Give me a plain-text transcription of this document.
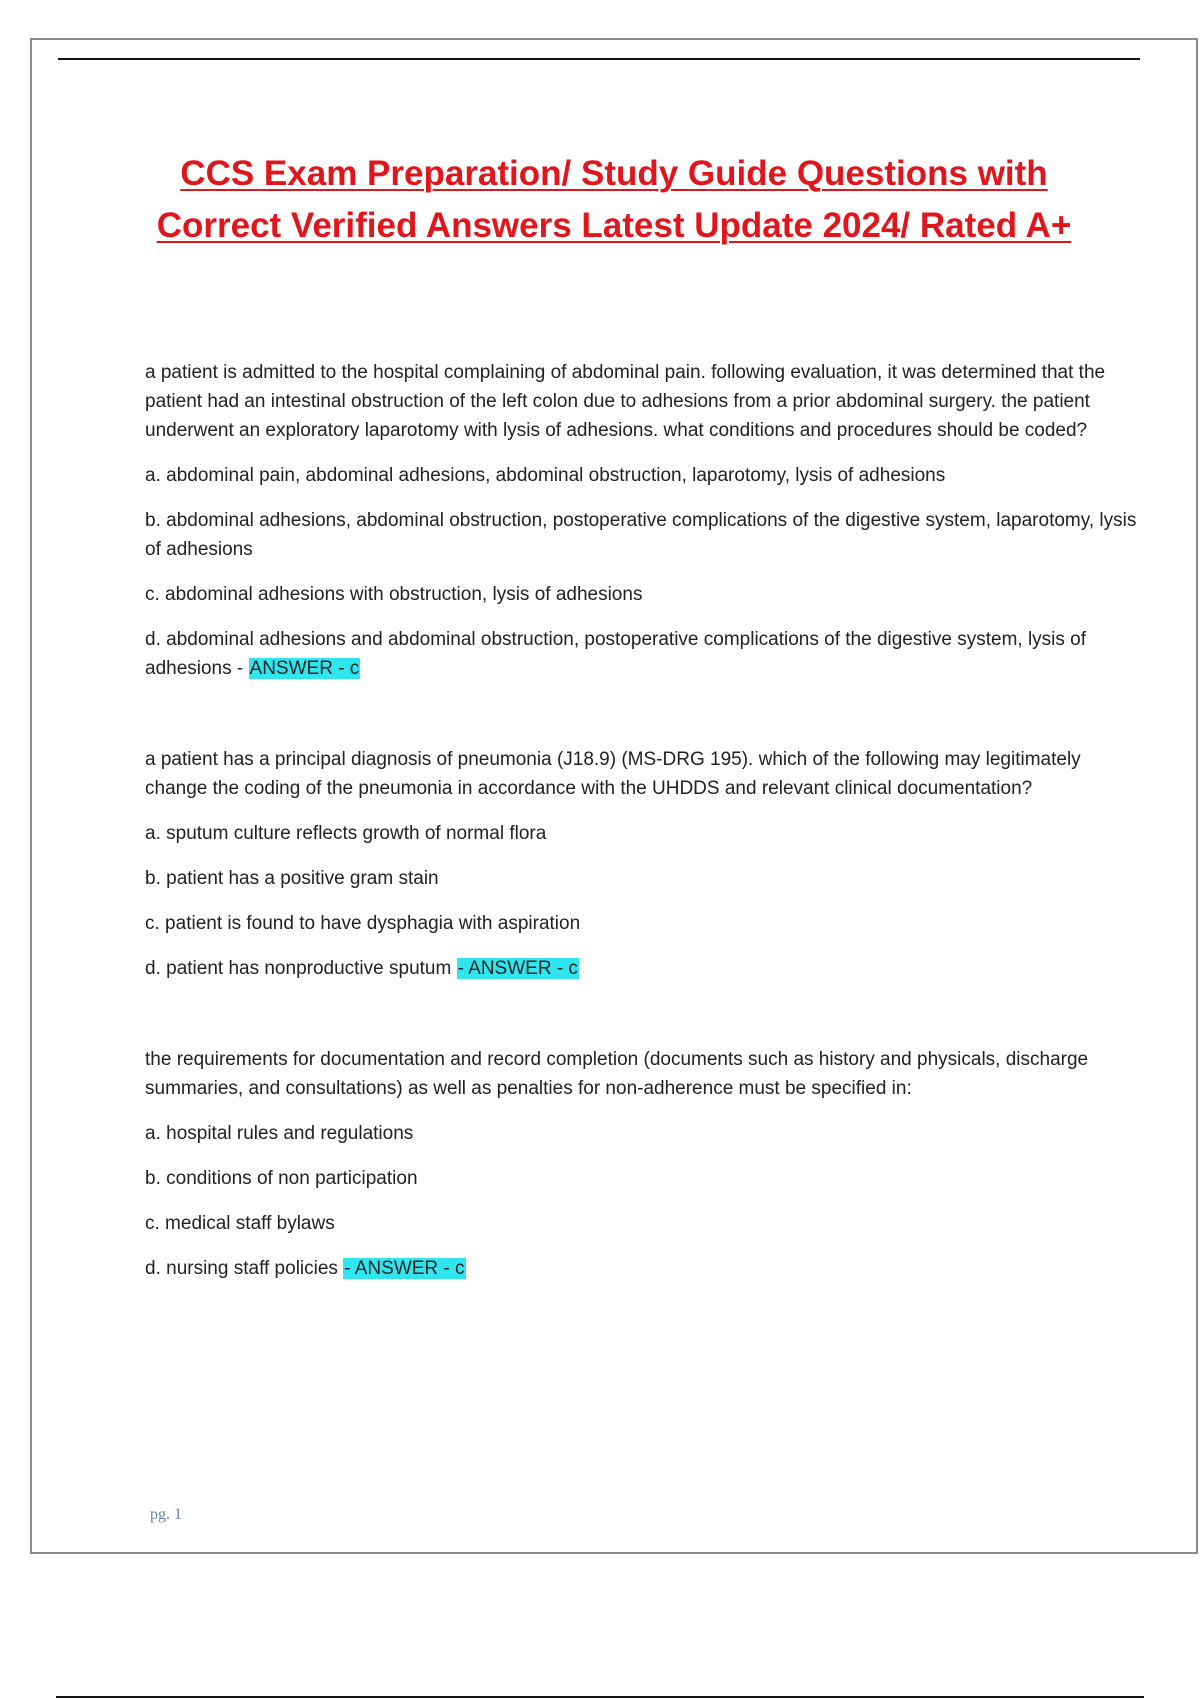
CCS Exam Preparation/ Study Guide Questions with
Correct Verified Answers Latest Update 2024/ Rated A+

a patient is admitted to the hospital complaining of abdominal pain. following evaluation, it was determined that the patient had an intestinal obstruction of the left colon due to adhesions from a prior abdominal surgery. the patient underwent an exploratory laparotomy with lysis of adhesions. what conditions and procedures should be coded?

a. abdominal pain, abdominal adhesions, abdominal obstruction, laparotomy, lysis of adhesions

b. abdominal adhesions, abdominal obstruction, postoperative complications of the digestive system, laparotomy, lysis of adhesions

c. abdominal adhesions with obstruction, lysis of adhesions

d. abdominal adhesions and abdominal obstruction, postoperative complications of the digestive system, lysis of adhesions - ANSWER - c

a patient has a principal diagnosis of pneumonia (J18.9) (MS-DRG 195). which of the following may legitimately change the coding of the pneumonia in accordance with the UHDDS and relevant clinical documentation?

a. sputum culture reflects growth of normal flora

b. patient has a positive gram stain

c. patient is found to have dysphagia with aspiration

d. patient has nonproductive sputum - ANSWER - c

the requirements for documentation and record completion (documents such as history and physicals, discharge summaries, and consultations) as well as penalties for non-adherence must be specified in:

a. hospital rules and regulations

b. conditions of non participation

c. medical staff bylaws

d. nursing staff policies - ANSWER - c

pg. 1
